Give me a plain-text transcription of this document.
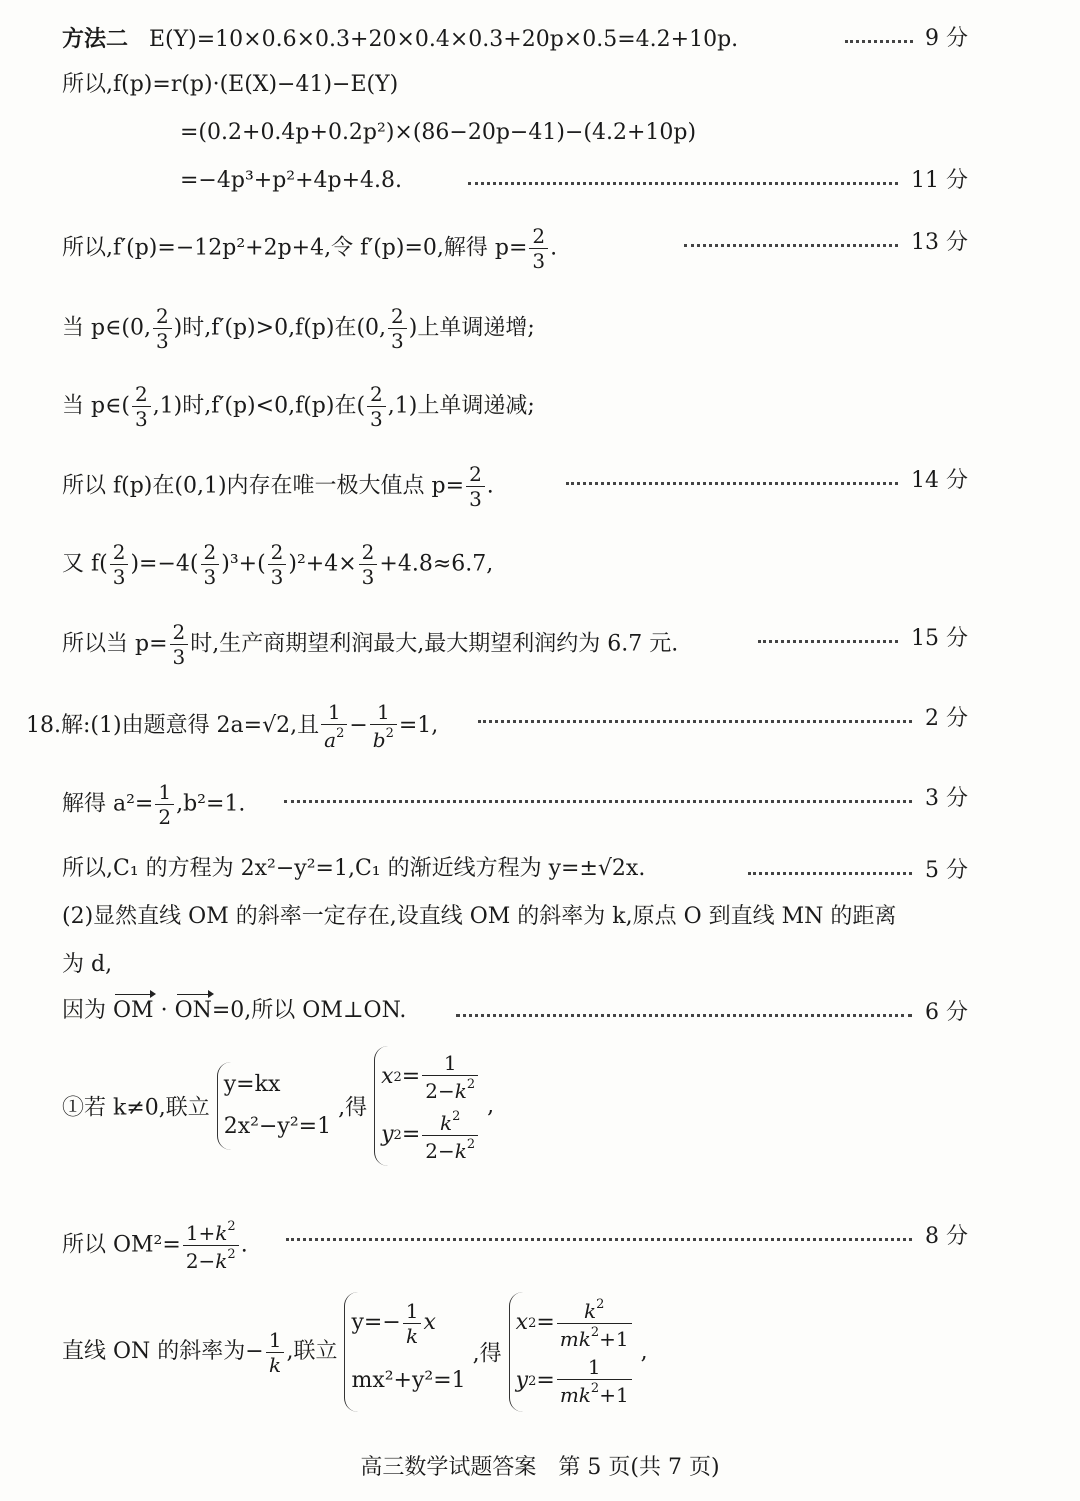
方法二 E(Y)=10×0.6×0.3+20×0.4×0.3+20p×0.5=4.2+10p.	9 分
所以,f(p)=r(p)·(E(X)−41)−E(Y)
=(0.2+0.4p+0.2p²)×(86−20p−41)−(4.2+10p)
=−4p³+p²+4p+4.8.	11 分
所以,f′(p)=−12p²+2p+4,令 f′(p)=0,解得 $p= \frac{2}{3}$ .	13 分
当 p∈(0, $\frac{2}{3}$ )时,f′(p)>0,f(p)在(0, $\frac{2}{3}$ )上单调递增;
当 p∈( $\frac{2}{3} ,1$)时,f′(p)<0,f(p)在( $\frac{2}{3} ,1$)上单调递减;
所以 f(p)在(0,1)内存在唯一极大值点 $p= \frac{2}{3}$ .	14 分
又 $f( \frac{2}{3} )=-4( \frac{2}{3} )^3+( \frac{2}{3} )^2+4\times \frac{2}{3} +4.8\approx 6.7$,
所以当 $p= \frac{2}{3}$ 时,生产商期望利润最大,最大期望利润约为 6.7 元.	15 分
18.解:(1)由题意得 2a=√2,且 $\frac{1}{a^2} - \frac{1}{b^2} =1$,	2 分
解得 $a^2= \frac{1}{2} ,b^2=1$.	3 分
所以,C₁ 的方程为 2x²−y²=1,C₁ 的渐近线方程为 y=±√2x.	5 分
(2)显然直线 OM 的斜率一定存在,设直线 OM 的斜率为 k,原点 O 到直线 MN 的距离
为 d,
因为 OM · ON=0,所以 OM⊥ON.	6 分
①若 k≠0,联立
y=kx
2x²−y²=1
,得
x 2 =
1
$2-k^2$
y $2 = k^2$
$2-k^2$
,
所以 $OM^2= \frac{1+k^2}{2-k^2}$ .	8 分
直线 ON 的斜率为− $\frac{1}{k}$ ,联立
$y=- \frac{1}{k}$ x
mx²+y²=1
,得
x 2 =	$k^2$
$mk^2+1$
y 2 =
1
$mk^2+1$
,
高三数学试题答案　第 5 页(共 7 页)
